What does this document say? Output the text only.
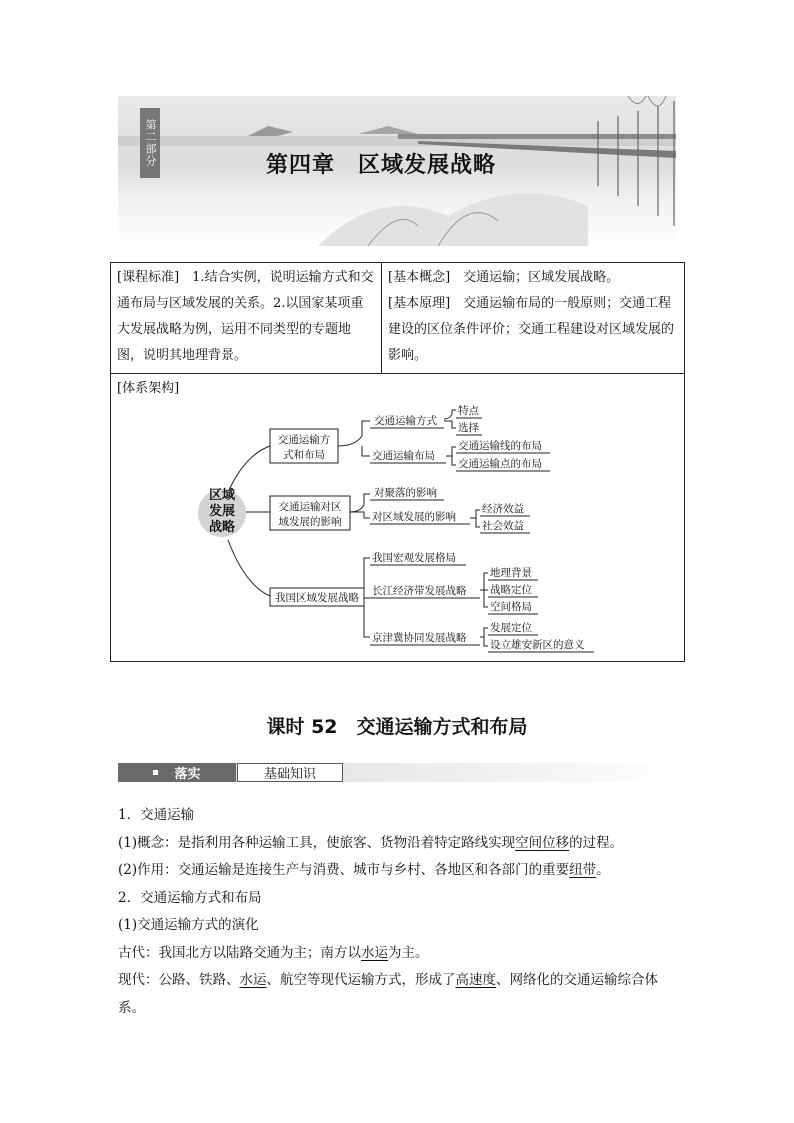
第二部分	第四章　区域发展战略
[课程标准]　 1.结合实例，说明运输方式和交通布局与区域发展的关系。2.以国家某项重大发展战略为例，运用不同类型的专题地图，说明其地理背景。
[基本概念]　 交通运输；区域发展战略。
[基本原理]　 交通运输布局的一般原则；交通工程建设的区位条件评价；交通工程建设对区域发展的影响。
[体系架构]
区域
发展
战略
交通运输方
式和布局
交通运输对区
域发展的影响
我国区域发展战略
交通运输方式
特点
选择
交通运输布局
交通运输线的布局
交通运输点的布局
对聚落的影响
对区域发展的影响
经济效益
社会效益
我国宏观发展格局
长江经济带发展战略
地理背景
战略定位
空间格局
京津冀协同发展战略
发展定位
设立雄安新区的意义
课时 52　交通运输方式和布局
落实	基础知识

1．交通运输

(1)概念：是指利用各种运输工具，使旅客、货物沿着特定路线实现空间位移的过程。

(2)作用：交通运输是连接生产与消费、城市与乡村、各地区和各部门的重要纽带。

2．交通运输方式和布局

(1)交通运输方式的演化

古代：我国北方以陆路交通为主；南方以水运为主。

现代：公路、铁路、水运、航空等现代运输方式，形成了高速度、网络化的交通运输综合体
系。
